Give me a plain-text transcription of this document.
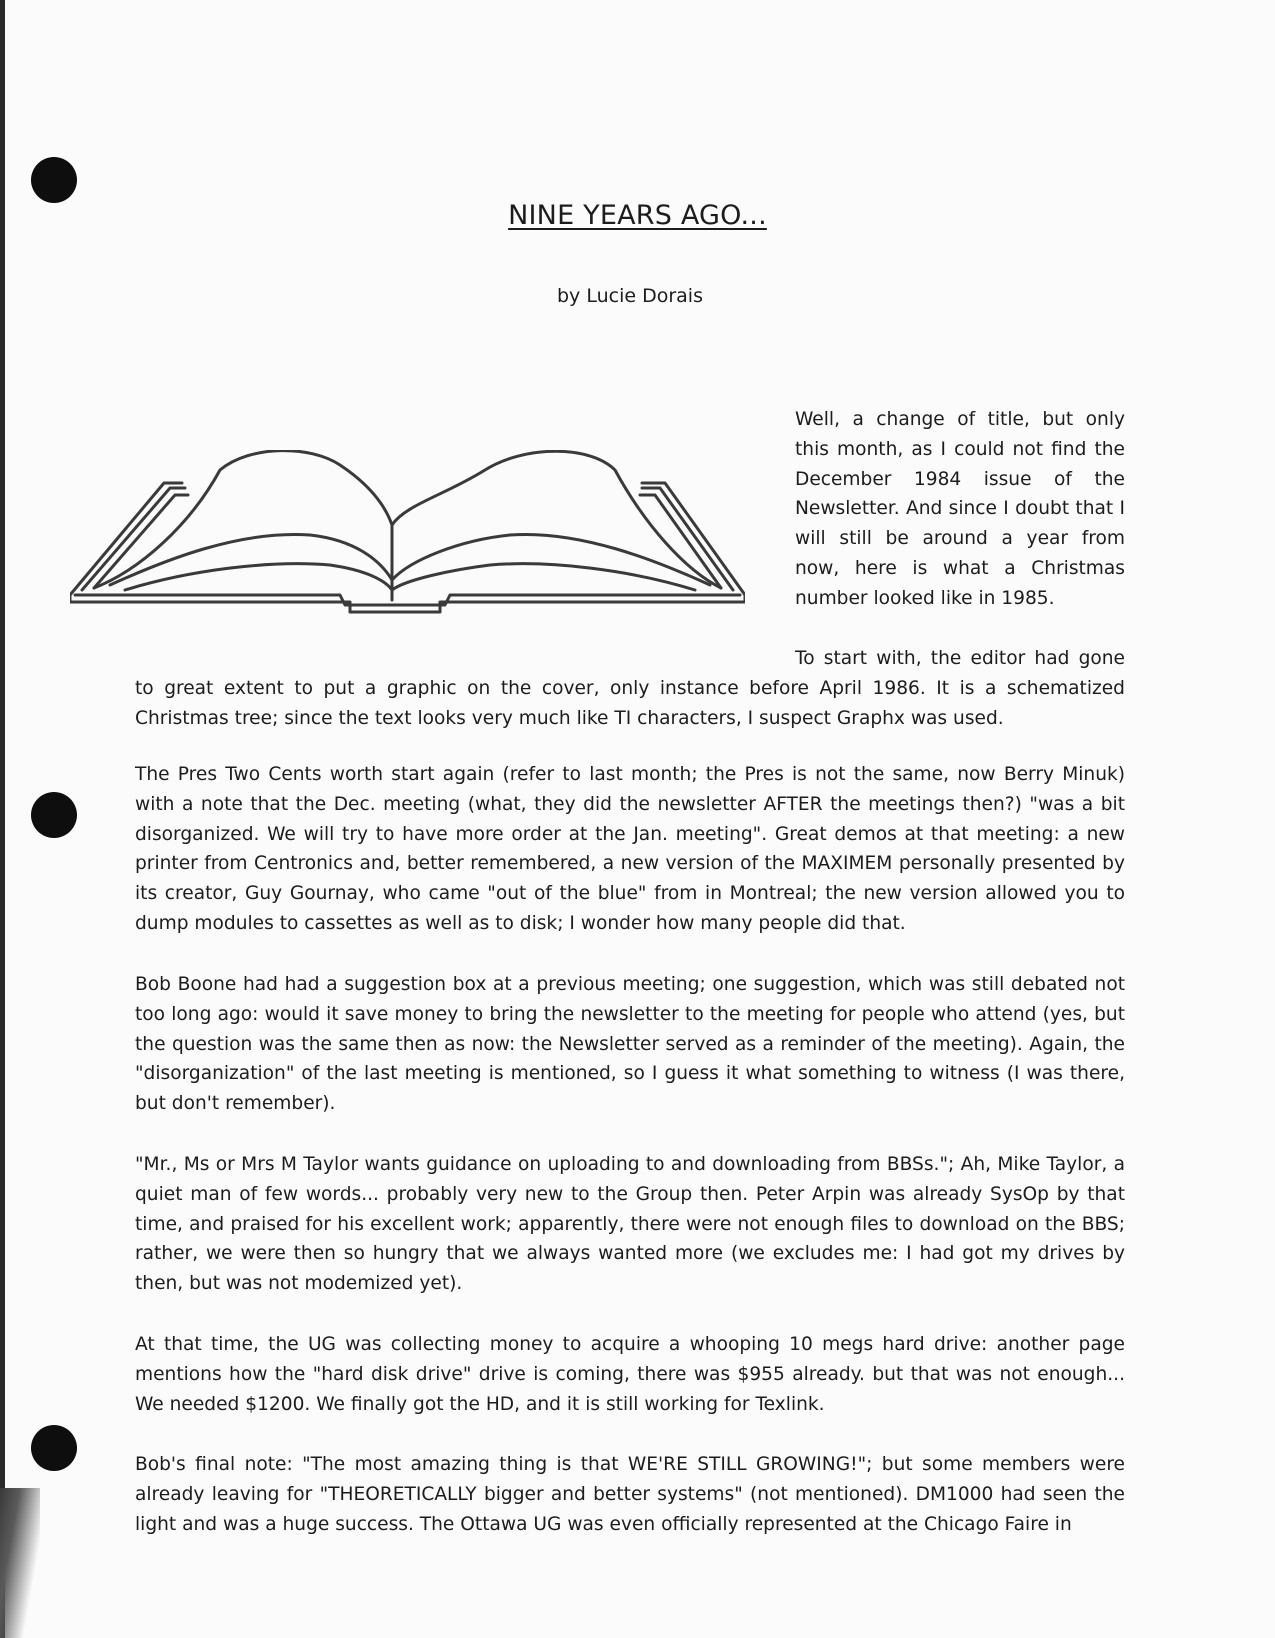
NINE YEARS AGO...
by Lucie Dorais

Well, a change of title, but only this month, as I could not find the December 1984 issue of the Newsletter. And since I doubt that I will still be around a year from now, here is what a Christmas number looked like in 1985.

To start with, the editor had gone to great extent to put a graphic on the cover, only instance before April 1986. It is a schematized Christmas tree; since the text looks very much like TI characters, I suspect Graphx was used.

The Pres Two Cents worth start again (refer to last month; the Pres is not the same, now Berry Minuk) with a note that the Dec. meeting (what, they did the newsletter AFTER the meetings then?) "was a bit disorganized. We will try to have more order at the Jan. meeting". Great demos at that meeting: a new printer from Centronics and, better remembered, a new version of the MAXIMEM personally presented by its creator, Guy Gournay, who came "out of the blue" from in Montreal; the new version allowed you to dump modules to cassettes as well as to disk; I wonder how many people did that.

Bob Boone had had a suggestion box at a previous meeting; one suggestion, which was still debated not too long ago: would it save money to bring the newsletter to the meeting for people who attend (yes, but the question was the same then as now: the Newsletter served as a reminder of the meeting). Again, the "disorganization" of the last meeting is mentioned, so I guess it what something to witness (I was there, but don't remember).

"Mr., Ms or Mrs M Taylor wants guidance on uploading to and downloading from BBSs."; Ah, Mike Taylor, a quiet man of few words... probably very new to the Group then. Peter Arpin was already SysOp by that time, and praised for his excellent work; apparently, there were not enough files to download on the BBS; rather, we were then so hungry that we always wanted more (we excludes me: I had got my drives by then, but was not modemized yet).

At that time, the UG was collecting money to acquire a whooping 10 megs hard drive: another page mentions how the "hard disk drive" drive is coming, there was $955 already. but that was not enough... We needed $1200. We finally got the HD, and it is still working for Texlink.

Bob's final note: "The most amazing thing is that WE'RE STILL GROWING!"; but some members were already leaving for "THEORETICALLY bigger and better systems" (not mentioned). DM1000 had seen the light and was a huge success. The Ottawa UG was even officially represented at the Chicago Faire in
